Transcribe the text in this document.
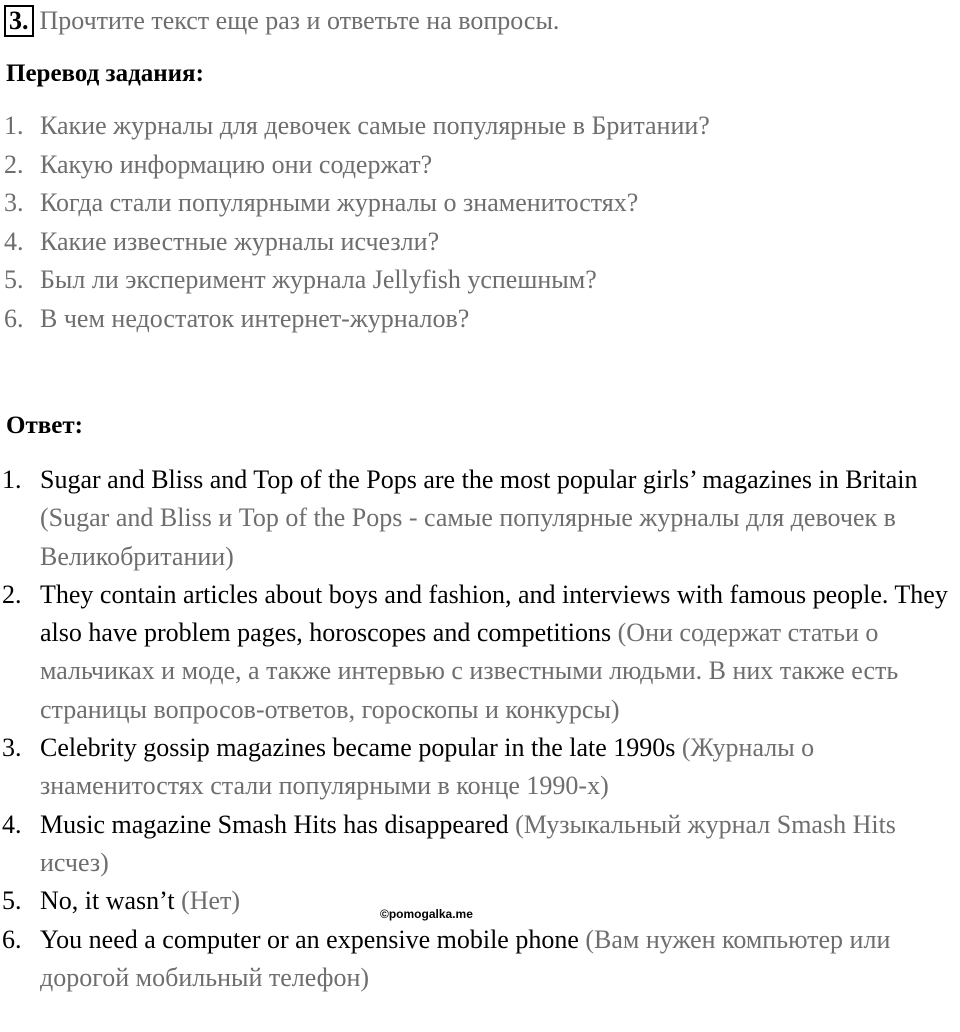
3. Прочтите текст еще раз и ответьте на вопросы.
Перевод задания:
1. Какие журналы для девочек самые популярные в Британии?
2. Какую информацию они содержат?
3. Когда стали популярными журналы о знаменитостях?
4. Какие известные журналы исчезли?
5. Был ли эксперимент журнала Jellyfish успешным?
6. В чем недостаток интернет-журналов?
Ответ:
1. Sugar and Bliss and Top of the Pops are the most popular girls’ magazines in Britain (Sugar and Bliss и Top of the Pops - самые популярные журналы для девочек в Великобритании)
2. They contain articles about boys and fashion, and interviews with famous people. They also have problem pages, horoscopes and competitions (Они содержат статьи о мальчиках и моде, а также интервью с известными людьми. В них также есть страницы вопросов-ответов, гороскопы и конкурсы)
3. Celebrity gossip magazines became popular in the late 1990s (Журналы о знаменитостях стали популярными в конце 1990-х)
4. Music magazine Smash Hits has disappeared (Музыкальный журнал Smash Hits исчез)
5. No, it wasn’t (Нет)
6. You need a computer or an expensive mobile phone (Вам нужен компьютер или дорогой мобильный телефон)
©pomogalka.me
